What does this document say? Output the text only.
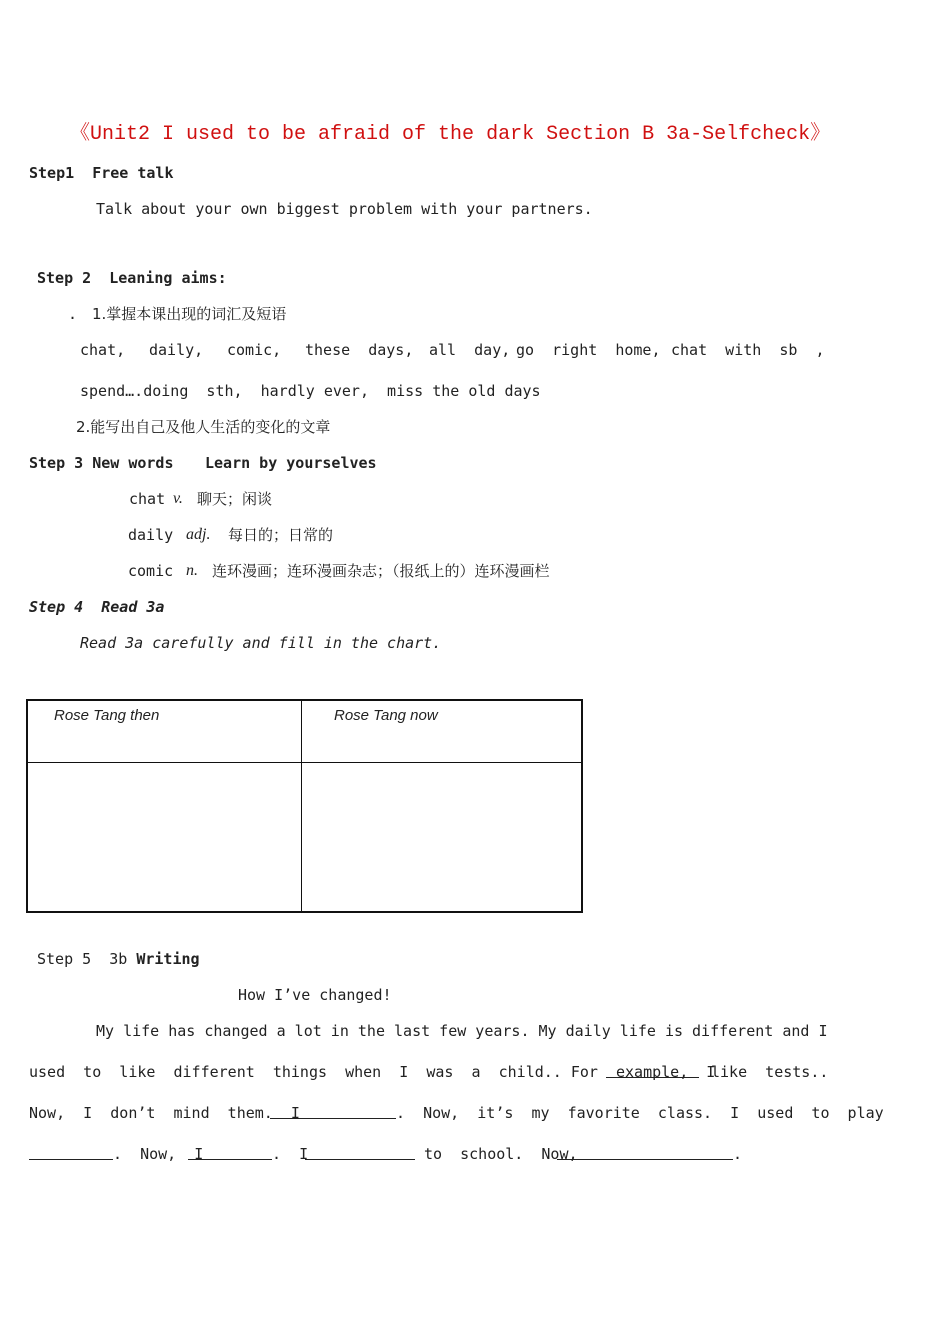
《Unit2 I used to be afraid of the dark Section B 3a-Selfcheck》
Step1  Free talk
Talk about your own biggest problem with your partners.
Step 2  Leaning aims:
. 1.掌握本课出现的词汇及短语
chat, daily, comic, these  days, all  day, go  right  home, chat  with  sb  ,
spend….doing  sth,  hardly ever,  miss the old days
2.能写出自己及他人生活的变化的文章
Step 3 New words Learn by yourselves
chat v. 聊天；闲谈
daily adj. 每日的；日常的
comic n. 连环漫画；连环漫画杂志；（报纸上的）连环漫画栏
Step 4  Read 3a
Read 3a carefully and fill in the chart.
Rose Tang then	Rose Tang now

Step 5  3b Writing
How I’ve changed!
My life has changed a lot in the last few years. My daily life is different and I
used  to  like  different  things  when  I  was  a  child.. For  example,  I
like  tests..
Now,  I  don’t  mind  them.  I	.  Now,  it’s  my  favorite  class.  I  used  to  play
.  Now,  I	.  I	to  school.  Now,	.
